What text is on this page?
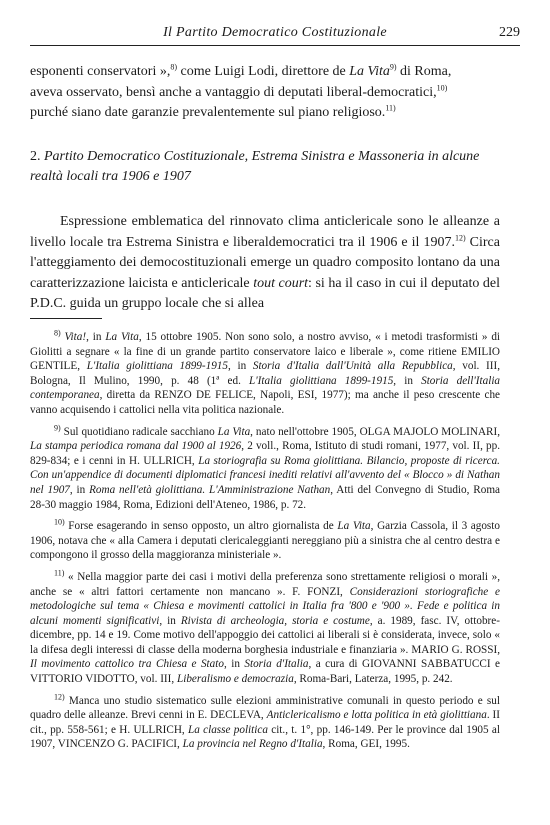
Il Partito Democratico Costituzionale	229

esponenti conservatori »,$^{8)}$ come Luigi Lodi, direttore de La Vita$^{9)}$ di Roma,

aveva osservato, bensì anche a vantaggio di deputati liberal-democratici,$^{10)}$

purché siano date garanzie prevalentemente sul piano religioso.$^{11)}$

2. Partito Democratico Costituzionale, Estrema Sinistra e Massoneria in alcune realtà locali tra 1906 e 1907

Espressione emblematica del rinnovato clima anticlericale sono le alleanze a livello locale tra Estrema Sinistra e liberaldemocratici tra il 1906 e il 1907.$^{12)}$ Circa l'atteggiamento dei democostituzionali emerge un quadro composito lontano da una caratterizzazione laicista e anticlericale tout court: si ha il caso in cui il deputato del P.D.C. guida un gruppo locale che si allea

$^{8)}$ Vita!, in La Vita, 15 ottobre 1905. Non sono solo, a nostro avviso, « i metodi trasformisti » di Giolitti a segnare « la fine di un grande partito conservatore laico e liberale », come ritiene EMILIO GENTILE, L'Italia giolittiana 1899-1915, in Storia d'Italia dall'Unità alla Repubblica, vol. III, Bologna, Il Mulino, 1990, p. 48 (1ª ed. L'Italia giolittiana 1899-1915, in Storia dell'Italia contemporanea, diretta da RENZO DE FELICE, Napoli, ESI, 1977); ma anche il peso crescente che vanno acquisendo i cattolici nella vita politica nazionale.

$^{9)}$ Sul quotidiano radicale sacchiano La Vita, nato nell'ottobre 1905, OLGA MAJOLO MOLINARI, La stampa periodica romana dal 1900 al 1926, 2 voll., Roma, Istituto di studi romani, 1977, vol. II, pp. 829-834; e i cenni in H. ULLRICH, La storiografia su Roma giolittiana. Bilancio, proposte di ricerca. Con un'appendice di documenti diplomatici francesi inediti relativi all'avvento del « Blocco » di Nathan nel 1907, in Roma nell'età giolittiana. L'Amministrazione Nathan, Atti del Convegno di Studio, Roma 28-30 maggio 1984, Roma, Edizioni dell'Ateneo, 1986, p. 72.

$^{10)}$ Forse esagerando in senso opposto, un altro giornalista de La Vita, Garzia Cassola, il 3 agosto 1906, notava che « alla Camera i deputati clericaleggianti nereggiano più a sinistra che al centro destra e compongono il grosso della maggioranza ministeriale ».

$^{11)}$ « Nella maggior parte dei casi i motivi della preferenza sono strettamente religiosi o morali », anche se « altri fattori certamente non mancano ». F. FONZI, Considerazioni storiografiche e metodologiche sul tema « Chiesa e movimenti cattolici in Italia fra '800 e '900 ». Fede e politica in alcuni momenti significativi, in Rivista di archeologia, storia e costume, a. 1989, fasc. IV, ottobre-dicembre, pp. 14 e 19. Come motivo dell'appoggio dei cattolici ai liberali si è considerata, invece, solo « la difesa degli interessi di classe della moderna borghesia industriale e finanziaria ». MARIO G. ROSSI, Il movimento cattolico tra Chiesa e Stato, in Storia d'Italia, a cura di GIOVANNI SABBATUCCI e VITTORIO VIDOTTO, vol. III, Liberalismo e democrazia, Roma-Bari, Laterza, 1995, p. 242.

$^{12)}$ Manca uno studio sistematico sulle elezioni amministrative comunali in questo periodo e sul quadro delle alleanze. Brevi cenni in E. DECLEVA, Anticlericalismo e lotta politica in età giolittiana. II cit., pp. 558-561; e H. ULLRICH, La classe politica cit., t. 1°, pp. 146-149. Per le province dal 1905 al 1907, VINCENZO G. PACIFICI, La provincia nel Regno d'Italia, Roma, GEI, 1995.
